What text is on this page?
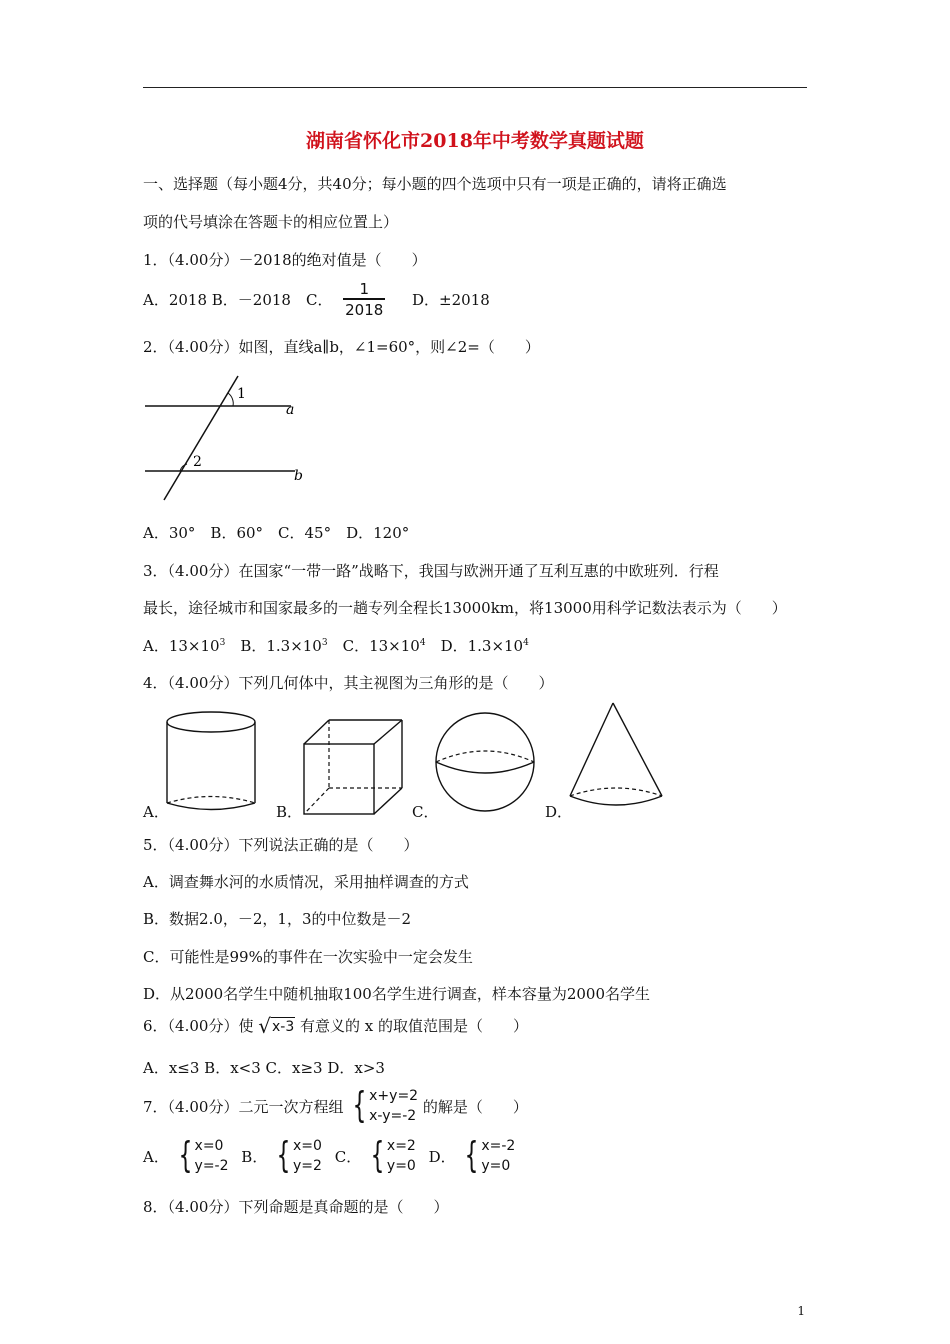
湖南省怀化市2018年中考数学真题试题
一、选择题（每小题4分，共40分；每小题的四个选项中只有一项是正确的，请将正确选
项的代号填涂在答题卡的相应位置上）
1．（4.00分）－2018的绝对值是（　　）
A．2018 B．－2018　C． $\frac{1}{2018}$ D．±2018
2．（4.00分）如图，直线a∥b，∠1=60°，则∠2=（　　）
1
2
a
b
A．30°　B．60°　C．45°　D．120°
3．（4.00分）在国家“一带一路”战略下，我国与欧洲开通了互利互惠的中欧班列．行程
最长，途径城市和国家最多的一趟专列全程长13000km，将13000用科学记数法表示为（　　）
A．$13\times 10^3$　B．$1.3\times 10^3$　C．$13\times 10^4$　D．$1.3\times 10^4$
4．（4.00分）下列几何体中，其主视图为三角形的是（　　）
A．	B．	C．	D．
5．（4.00分）下列说法正确的是（　　）
A．调查舞水河的水质情况，采用抽样调查的方式
B．数据2.0，－2，1，3的中位数是－2
C．可能性是99%的事件在一次实验中一定会发生
D．从2000名学生中随机抽取100名学生进行调查，样本容量为2000名学生
6．（4.00分）使 √ x-3 有意义的 x 的取值范围是（　　）
A．x≤3 B．x<3 C．x≥3 D．x>3
7．（4.00分）二元一次方程组 { x+y=2
x-y=-2
的解是（　　）
A． { x=0
y=-2
B． { x=0
y=2
C． { x=2
y=0
D． { x=-2
y=0
8．（4.00分）下列命题是真命题的是（　　）
1
